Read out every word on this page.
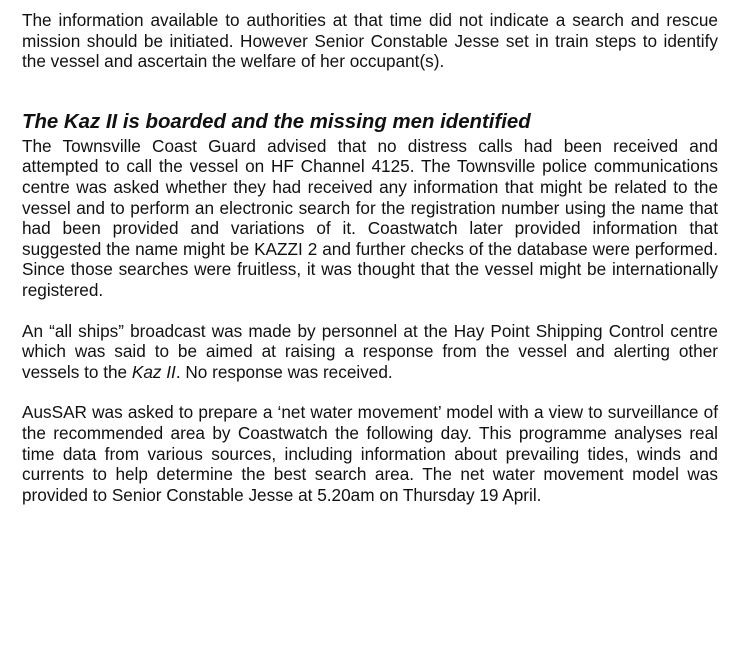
The information available to authorities at that time did not indicate a search and rescue mission should be initiated. However Senior Constable Jesse set in train steps to identify the vessel and ascertain the welfare of her occupant(s).

The Kaz II is boarded and the missing men identified

The Townsville Coast Guard advised that no distress calls had been received and attempted to call the vessel on HF Channel 4125. The Townsville police communications centre was asked whether they had received any information that might be related to the vessel and to perform an electronic search for the registration number using the name that had been provided and variations of it. Coastwatch later provided information that suggested the name might be KAZZI 2 and further checks of the database were performed. Since those searches were fruitless, it was thought that the vessel might be internationally registered.

An “all ships” broadcast was made by personnel at the Hay Point Shipping Control centre which was said to be aimed at raising a response from the vessel and alerting other vessels to the Kaz II. No response was received.

AusSAR was asked to prepare a ‘net water movement’ model with a view to surveillance of the recommended area by Coastwatch the following day. This programme analyses real time data from various sources, including information about prevailing tides, winds and currents to help determine the best search area. The net water movement model was provided to Senior Constable Jesse at 5.20am on Thursday 19 April.
